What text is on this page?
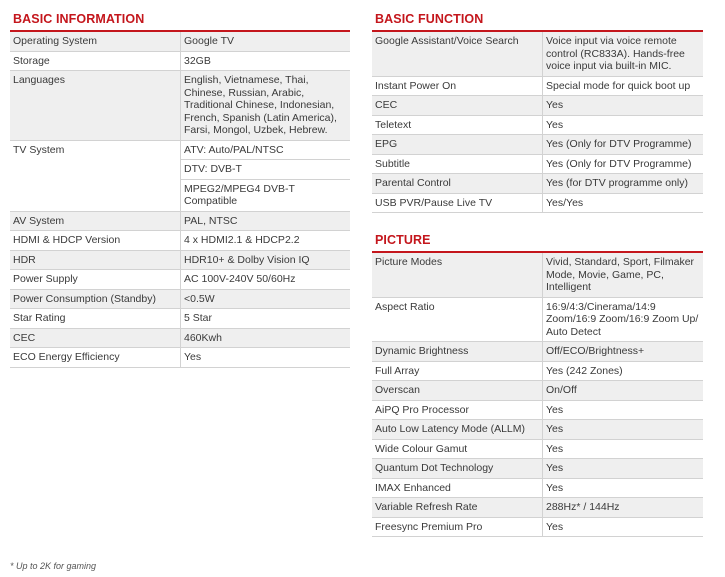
BASIC INFORMATION
Operating System	Google TV
Storage	32GB
Languages	English, Vietnamese, Thai, Chinese, Russian, Arabic, Traditional Chinese, Indonesian, French, Spanish (Latin America), Farsi, Mongol, Uzbek, Hebrew.
TV System	ATV: Auto/PAL/NTSC
	DTV: DVB-T
	MPEG2/MPEG4 DVB-T Compatible
AV System	PAL, NTSC
HDMI & HDCP Version	4 x HDMI2.1 & HDCP2.2
HDR	HDR10+ & Dolby Vision IQ
Power Supply	AC 100V-240V 50/60Hz
Power Consumption (Standby)	<0.5W
Star Rating	5 Star
CEC	460Kwh
ECO Energy Efficiency	Yes
BASIC FUNCTION
Google Assistant/Voice Search	Voice input via voice remote control (RC833A). Hands-free voice input via built-in MIC.
Instant Power On	Special mode for quick boot up
CEC	Yes
Teletext	Yes
EPG	Yes (Only for DTV Programme)
Subtitle	Yes (Only for DTV Programme)
Parental Control	Yes (for DTV programme only)
USB PVR/Pause Live TV	Yes/Yes
PICTURE
Picture Modes	Vivid, Standard, Sport, Filmaker Mode, Movie, Game, PC, Intelligent
Aspect Ratio	16:9/4:3/Cinerama/14:9 Zoom/16:9 Zoom/16:9 Zoom Up/ Auto Detect
Dynamic Brightness	Off/ECO/Brightness+
Full Array	Yes (242 Zones)
Overscan	On/Off
AiPQ Pro Processor	Yes
Auto Low Latency Mode (ALLM)	Yes
Wide Colour Gamut	Yes
Quantum Dot Technology	Yes
IMAX Enhanced	Yes
Variable Refresh Rate	288Hz* / 144Hz
Freesync Premium Pro	Yes
* Up to 2K for gaming
